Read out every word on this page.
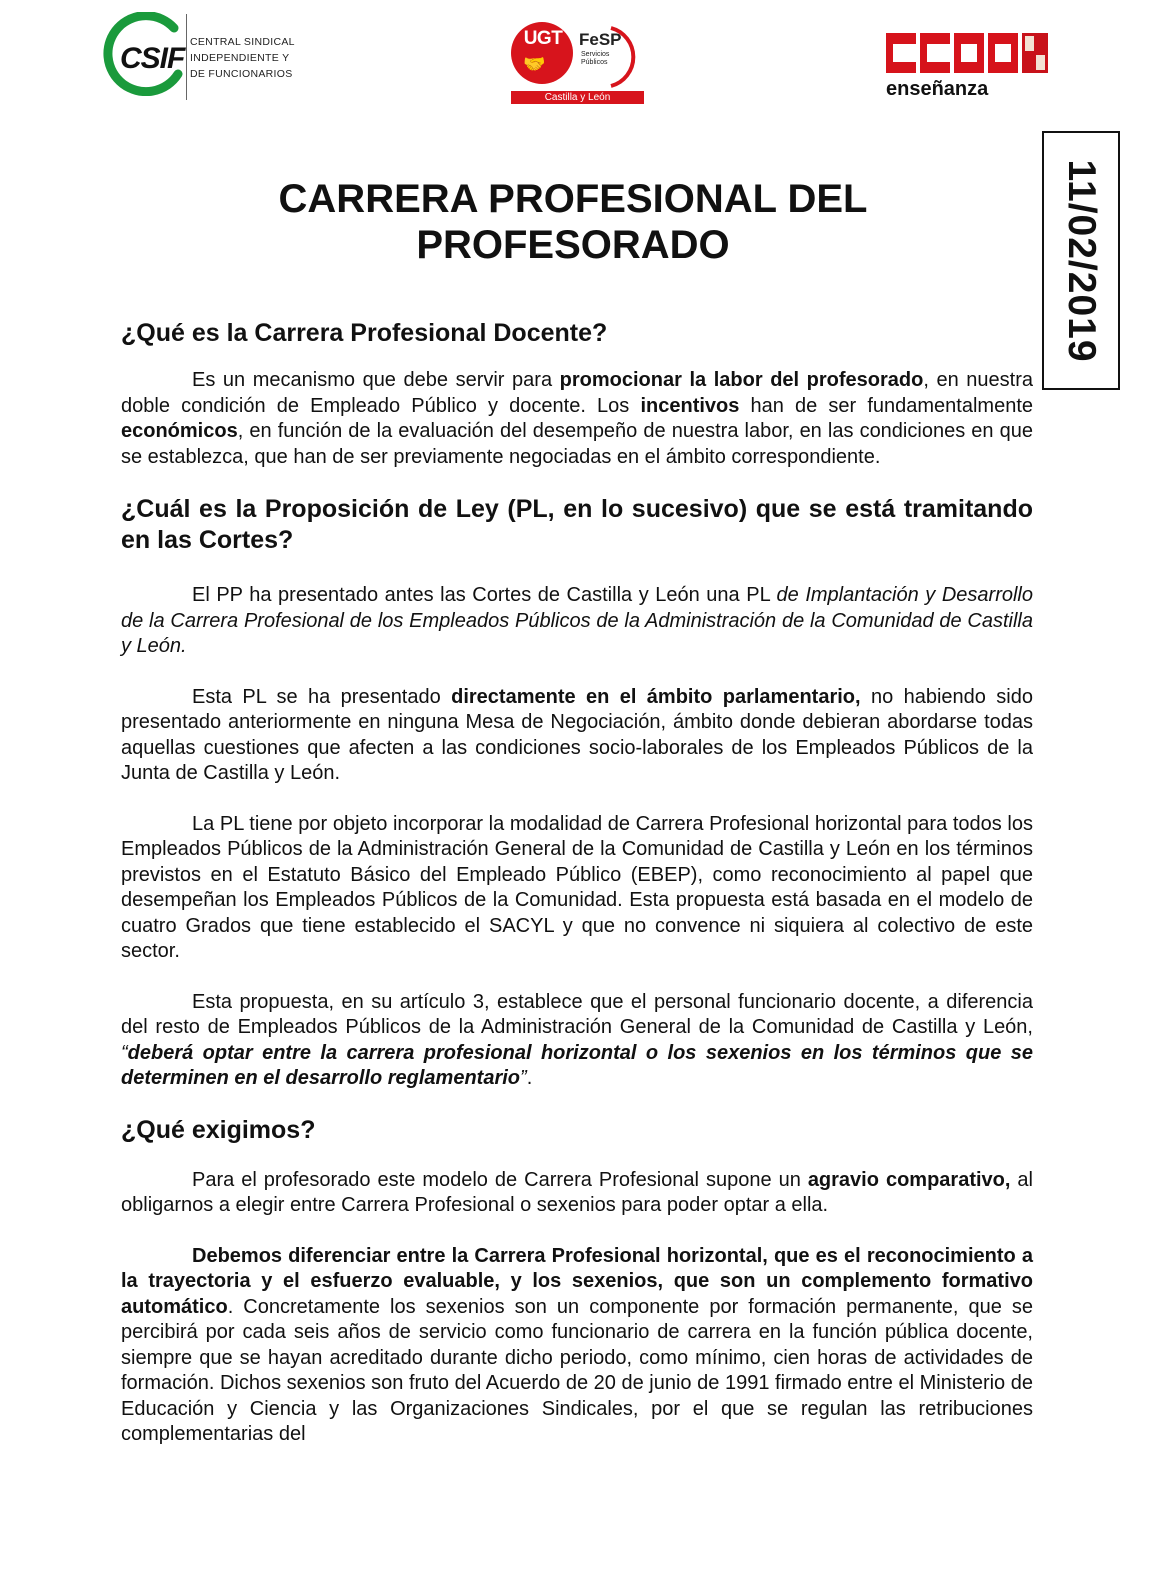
CSIF CENTRAL SINDICAL
INDEPENDIENTE Y
DE FUNCIONARIOS
UGT
🤝
FeSP
Servicios Públicos
Castilla y León	enseñanza
11/02/2019
CARRERA PROFESIONAL DEL
PROFESORADO
¿Qué es la Carrera Profesional Docente?

Es un mecanismo que debe servir para promocionar la labor del profesorado, en nuestra doble condición de Empleado Público y docente. Los incentivos han de ser fundamentalmente económicos, en función de la evaluación del desempeño de nuestra labor, en las condiciones en que se establezca, que han de ser previamente negociadas en el ámbito correspondiente.

¿Cuál es la Proposición de Ley (PL, en lo sucesivo) que se está tramitando en las Cortes?

El PP ha presentado antes las Cortes de Castilla y León una PL de Implantación y Desarrollo de la Carrera Profesional de los Empleados Públicos de la Administración de la Comunidad de Castilla y León.

Esta PL se ha presentado directamente en el ámbito parlamentario, no habiendo sido presentado anteriormente en ninguna Mesa de Negociación, ámbito donde debieran abordarse todas aquellas cuestiones que afecten a las condiciones socio-laborales de los Empleados Públicos de la Junta de Castilla y León.

La PL tiene por objeto incorporar la modalidad de Carrera Profesional horizontal para todos los Empleados Públicos de la Administración General de la Comunidad de Castilla y León en los términos previstos en el Estatuto Básico del Empleado Público (EBEP), como reconocimiento al papel que desempeñan los Empleados Públicos de la Comunidad. Esta propuesta está basada en el modelo de cuatro Grados que tiene establecido el SACYL y que no convence ni siquiera al colectivo de este sector.

Esta propuesta, en su artículo 3, establece que el personal funcionario docente, a diferencia del resto de Empleados Públicos de la Administración General de la Comunidad de Castilla y León, “deberá optar entre la carrera profesional horizontal o los sexenios en los términos que se determinen en el desarrollo reglamentario”.

¿Qué exigimos?

Para el profesorado este modelo de Carrera Profesional supone un agravio comparativo, al obligarnos a elegir entre Carrera Profesional o sexenios para poder optar a ella.

Debemos diferenciar entre la Carrera Profesional horizontal, que es el reconocimiento a la trayectoria y el esfuerzo evaluable, y los sexenios, que son un complemento formativo automático. Concretamente los sexenios son un componente por formación permanente, que se percibirá por cada seis años de servicio como funcionario de carrera en la función pública docente, siempre que se hayan acreditado durante dicho periodo, como mínimo, cien horas de actividades de formación. Dichos sexenios son fruto del Acuerdo de 20 de junio de 1991 firmado entre el Ministerio de Educación y Ciencia y las Organizaciones Sindicales, por el que se regulan las retribuciones complementarias del
